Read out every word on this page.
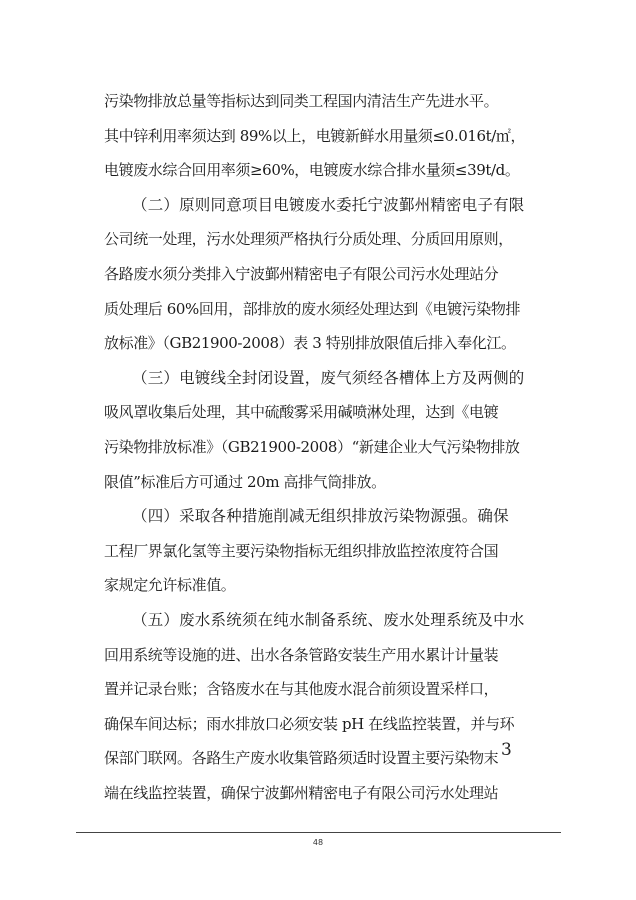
污染物排放总量等指标达到同类工程国内清洁生产先进水平。
其中锌利用率须达到 89%以上，电镀新鲜水用量须≤0.016t/㎡，
电镀废水综合回用率须≥60%，电镀废水综合排水量须≤39t/d。
（二）原则同意项目电镀废水委托宁波鄞州精密电子有限
公司统一处理，污水处理须严格执行分质处理、分质回用原则，
各路废水须分类排入宁波鄞州精密电子有限公司污水处理站分
质处理后 60%回用，部排放的废水须经处理达到《电镀污染物排
放标准》（GB21900-2008）表 3 特别排放限值后排入奉化江。
（三）电镀线全封闭设置，废气须经各槽体上方及两侧的
吸风罩收集后处理，其中硫酸雾采用碱喷淋处理，达到《电镀
污染物排放标准》（GB21900-2008）“新建企业大气污染物排放
限值”标准后方可通过 20m 高排气筒排放。
（四）采取各种措施削减无组织排放污染物源强。确保
工程厂界氯化氢等主要污染物指标无组织排放监控浓度符合国
家规定允许标准值。
（五）废水系统须在纯水制备系统、废水处理系统及中水
回用系统等设施的进、出水各条管路安装生产用水累计计量装
置并记录台账；含铬废水在与其他废水混合前须设置采样口，
确保车间达标；雨水排放口必须安装 pH 在线监控装置，并与环
保部门联网。各路生产废水收集管路须适时设置主要污染物末
端在线监控装置，确保宁波鄞州精密电子有限公司污水处理站
3
48
